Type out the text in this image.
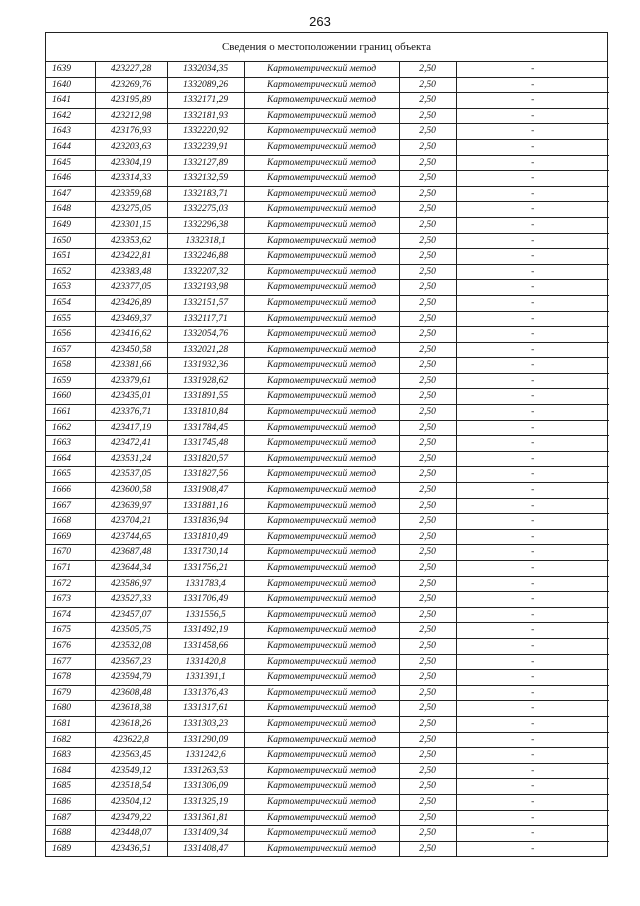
263
Сведения о местоположении границ объекта
1639	423227,28	1332034,35	Картометрический метод	2,50	-
1640	423269,76	1332089,26	Картометрический метод	2,50	-
1641	423195,89	1332171,29	Картометрический метод	2,50	-
1642	423212,98	1332181,93	Картометрический метод	2,50	-
1643	423176,93	1332220,92	Картометрический метод	2,50	-
1644	423203,63	1332239,91	Картометрический метод	2,50	-
1645	423304,19	1332127,89	Картометрический метод	2,50	-
1646	423314,33	1332132,59	Картометрический метод	2,50	-
1647	423359,68	1332183,71	Картометрический метод	2,50	-
1648	423275,05	1332275,03	Картометрический метод	2,50	-
1649	423301,15	1332296,38	Картометрический метод	2,50	-
1650	423353,62	1332318,1	Картометрический метод	2,50	-
1651	423422,81	1332246,88	Картометрический метод	2,50	-
1652	423383,48	1332207,32	Картометрический метод	2,50	-
1653	423377,05	1332193,98	Картометрический метод	2,50	-
1654	423426,89	1332151,57	Картометрический метод	2,50	-
1655	423469,37	1332117,71	Картометрический метод	2,50	-
1656	423416,62	1332054,76	Картометрический метод	2,50	-
1657	423450,58	1332021,28	Картометрический метод	2,50	-
1658	423381,66	1331932,36	Картометрический метод	2,50	-
1659	423379,61	1331928,62	Картометрический метод	2,50	-
1660	423435,01	1331891,55	Картометрический метод	2,50	-
1661	423376,71	1331810,84	Картометрический метод	2,50	-
1662	423417,19	1331784,45	Картометрический метод	2,50	-
1663	423472,41	1331745,48	Картометрический метод	2,50	-
1664	423531,24	1331820,57	Картометрический метод	2,50	-
1665	423537,05	1331827,56	Картометрический метод	2,50	-
1666	423600,58	1331908,47	Картометрический метод	2,50	-
1667	423639,97	1331881,16	Картометрический метод	2,50	-
1668	423704,21	1331836,94	Картометрический метод	2,50	-
1669	423744,65	1331810,49	Картометрический метод	2,50	-
1670	423687,48	1331730,14	Картометрический метод	2,50	-
1671	423644,34	1331756,21	Картометрический метод	2,50	-
1672	423586,97	1331783,4	Картометрический метод	2,50	-
1673	423527,33	1331706,49	Картометрический метод	2,50	-
1674	423457,07	1331556,5	Картометрический метод	2,50	-
1675	423505,75	1331492,19	Картометрический метод	2,50	-
1676	423532,08	1331458,66	Картометрический метод	2,50	-
1677	423567,23	1331420,8	Картометрический метод	2,50	-
1678	423594,79	1331391,1	Картометрический метод	2,50	-
1679	423608,48	1331376,43	Картометрический метод	2,50	-
1680	423618,38	1331317,61	Картометрический метод	2,50	-
1681	423618,26	1331303,23	Картометрический метод	2,50	-
1682	423622,8	1331290,09	Картометрический метод	2,50	-
1683	423563,45	1331242,6	Картометрический метод	2,50	-
1684	423549,12	1331263,53	Картометрический метод	2,50	-
1685	423518,54	1331306,09	Картометрический метод	2,50	-
1686	423504,12	1331325,19	Картометрический метод	2,50	-
1687	423479,22	1331361,81	Картометрический метод	2,50	-
1688	423448,07	1331409,34	Картометрический метод	2,50	-
1689	423436,51	1331408,47	Картометрический метод	2,50	-
